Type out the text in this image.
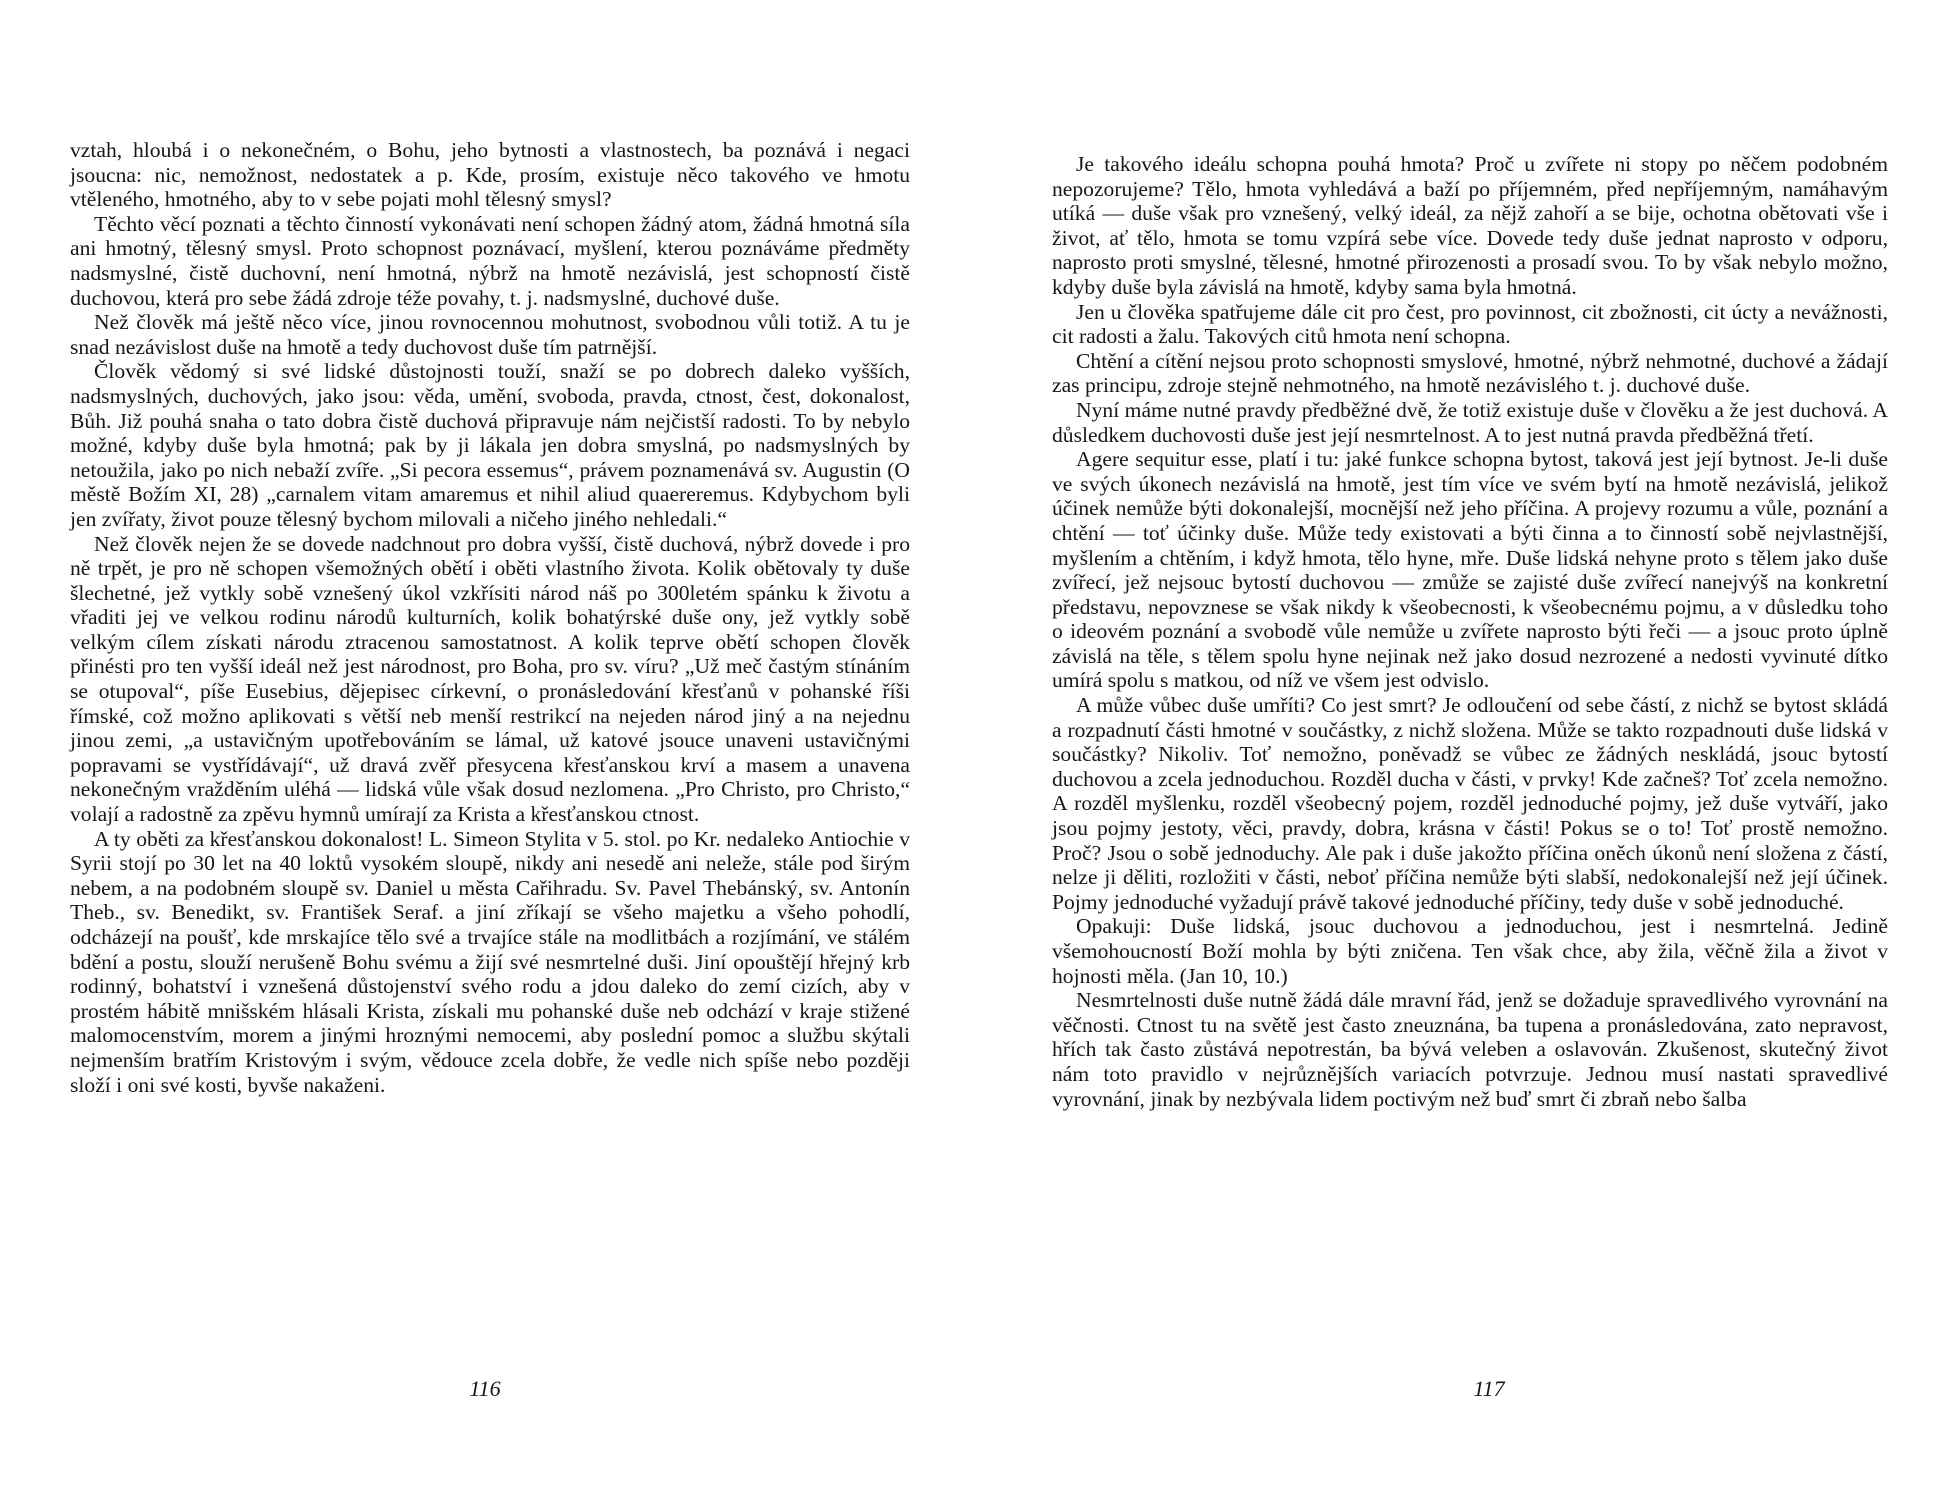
vztah, hloubá i o nekonečném, o Bohu, jeho bytnosti a vlastnostech, ba poznává i negaci jsoucna: nic, nemožnost, nedostatek a p. Kde, prosím, existuje něco takového ve hmotu vtěleného, hmotného, aby to v sebe pojati mohl tělesný smysl?

Těchto věcí poznati a těchto činností vykonávati není schopen žádný atom, žádná hmotná síla ani hmotný, tělesný smysl. Proto schopnost poznávací, myšlení, kterou poznáváme předměty nadsmyslné, čistě duchovní, není hmotná, nýbrž na hmotě nezávislá, jest schopností čistě duchovou, která pro sebe žádá zdroje téže povahy, t. j. nadsmyslné, duchové duše.

Než člověk má ještě něco více, jinou rovnocennou mohutnost, svobodnou vůli totiž. A tu je snad nezávislost duše na hmotě a tedy duchovost duše tím patrnější.

Člověk vědomý si své lidské důstojnosti touží, snaží se po dobrech daleko vyšších, nadsmyslných, duchových, jako jsou: věda, umění, svoboda, pravda, ctnost, čest, dokonalost, Bůh. Již pouhá snaha o tato dobra čistě duchová připravuje nám nejčistší radosti. To by nebylo možné, kdyby duše byla hmotná; pak by ji lákala jen dobra smyslná, po nadsmyslných by netoužila, jako po nich nebaží zvíře. „Si pecora essemus“, právem poznamenává sv. Augustin (O městě Božím XI, 28) „carnalem vitam amaremus et nihil aliud quaereremus. Kdybychom byli jen zvířaty, život pouze tělesný bychom milovali a ničeho jiného nehledali.“

Než člověk nejen že se dovede nadchnout pro dobra vyšší, čistě duchová, nýbrž dovede i pro ně trpět, je pro ně schopen všemožných obětí i oběti vlastního života. Kolik obětovaly ty duše šlechetné, jež vytkly sobě vznešený úkol vzkřísiti národ náš po 300letém spánku k životu a vřaditi jej ve velkou rodinu národů kulturních, kolik bohatýrské duše ony, jež vytkly sobě velkým cílem získati národu ztracenou samostatnost. A kolik teprve obětí schopen člověk přinésti pro ten vyšší ideál než jest národnost, pro Boha, pro sv. víru? „Už meč častým stínáním se otupoval“, píše Eusebius, dějepisec církevní, o pronásledování křesťanů v pohanské říši římské, což možno aplikovati s větší neb menší restrikcí na nejeden národ jiný a na nejednu jinou zemi, „a ustavičným upotřebováním se lámal, už katové jsouce unaveni ustavičnými popravami se vystřídávají“, už dravá zvěř přesycena křesťanskou krví a masem a unavena nekonečným vražděním uléhá — lidská vůle však dosud nezlomena. „Pro Christo, pro Christo,“ volají a radostně za zpěvu hymnů umírají za Krista a křesťanskou ctnost.

A ty oběti za křesťanskou dokonalost! L. Simeon Stylita v 5. stol. po Kr. nedaleko Antiochie v Syrii stojí po 30 let na 40 loktů vysokém sloupě, nikdy ani nesedě ani neleže, stále pod širým nebem, a na podobném sloupě sv. Daniel u města Cařihradu. Sv. Pavel Thebánský, sv. Antonín Theb., sv. Benedikt, sv. František Seraf. a jiní zříkají se všeho majetku a všeho pohodlí, odcházejí na poušť, kde mrskajíce tělo své a trvajíce stále na modlitbách a rozjímání, ve stálém bdění a postu, slouží nerušeně Bohu svému a žijí své nesmrtelné duši. Jiní opouštějí hřejný krb rodinný, bohatství i vznešená důstojenství svého rodu a jdou daleko do zemí cizích, aby v prostém hábitě mnišském hlásali Krista, získali mu pohanské duše neb odchází v kraje stižené malomocenstvím, morem a jinými hroznými nemocemi, aby poslední pomoc a službu skýtali nejmenším bratřím Kristovým i svým, vědouce zcela dobře, že vedle nich spíše nebo později složí i oni své kosti, byvše nakaženi.

116

Je takového ideálu schopna pouhá hmota? Proč u zvířete ni stopy po něčem podobném nepozorujeme? Tělo, hmota vyhledává a baží po příjemném, před nepříjemným, namáhavým utíká — duše však pro vznešený, velký ideál, za nějž zahoří a se bije, ochotna obětovati vše i život, ať tělo, hmota se tomu vzpírá sebe více. Dovede tedy duše jednat naprosto v odporu, naprosto proti smyslné, tělesné, hmotné přirozenosti a prosadí svou. To by však nebylo možno, kdyby duše byla závislá na hmotě, kdyby sama byla hmotná.

Jen u člověka spatřujeme dále cit pro čest, pro povinnost, cit zbožnosti, cit úcty a nevážnosti, cit radosti a žalu. Takových citů hmota není schopna.

Chtění a cítění nejsou proto schopnosti smyslové, hmotné, nýbrž nehmotné, duchové a žádají zas principu, zdroje stejně nehmotného, na hmotě nezávislého t. j. duchové duše.

Nyní máme nutné pravdy předběžné dvě, že totiž existuje duše v člověku a že jest duchová. A důsledkem duchovosti duše jest její nesmrtelnost. A to jest nutná pravda předběžná třetí.

Agere sequitur esse, platí i tu: jaké funkce schopna bytost, taková jest její bytnost. Je-li duše ve svých úkonech nezávislá na hmotě, jest tím více ve svém bytí na hmotě nezávislá, jelikož účinek nemůže býti dokonalejší, mocnější než jeho příčina. A projevy rozumu a vůle, poznání a chtění — toť účinky duše. Může tedy existovati a býti činna a to činností sobě nejvlastnější, myšlením a chtěním, i když hmota, tělo hyne, mře. Duše lidská nehyne proto s tělem jako duše zvířecí, jež nejsouc bytostí duchovou — zmůže se zajisté duše zvířecí nanejvýš na konkretní představu, nepovznese se však nikdy k všeobecnosti, k všeobecnému pojmu, a v důsledku toho o ideovém poznání a svobodě vůle nemůže u zvířete naprosto býti řeči — a jsouc proto úplně závislá na těle, s tělem spolu hyne nejinak než jako dosud nezrozené a nedosti vyvinuté dítko umírá spolu s matkou, od níž ve všem jest odvislo.

A může vůbec duše umříti? Co jest smrt? Je odloučení od sebe částí, z nichž se bytost skládá a rozpadnutí části hmotné v součástky, z nichž složena. Může se takto rozpadnouti duše lidská v součástky? Nikoliv. Toť nemožno, poněvadž se vůbec ze žádných neskládá, jsouc bytostí duchovou a zcela jednoduchou. Rozděl ducha v části, v prvky! Kde začneš? Toť zcela nemožno. A rozděl myšlenku, rozděl všeobecný pojem, rozděl jednoduché pojmy, jež duše vytváří, jako jsou pojmy jestoty, věci, pravdy, dobra, krásna v části! Pokus se o to! Toť prostě nemožno. Proč? Jsou o sobě jednoduchy. Ale pak i duše jakožto příčina oněch úkonů není složena z částí, nelze ji děliti, rozložiti v části, neboť příčina nemůže býti slabší, nedokonalejší než její účinek. Pojmy jednoduché vyžadují právě takové jednoduché příčiny, tedy duše v sobě jednoduché.

Opakuji: Duše lidská, jsouc duchovou a jednoduchou, jest i nesmrtelná. Jedině všemohoucností Boží mohla by býti zničena. Ten však chce, aby žila, věčně žila a život v hojnosti měla. (Jan 10, 10.)

Nesmrtelnosti duše nutně žádá dále mravní řád, jenž se dožaduje spravedlivého vyrovnání na věčnosti. Ctnost tu na světě jest často zneuznána, ba tupena a pronásledována, zato nepravost, hřích tak často zůstává nepotrestán, ba bývá veleben a oslavován. Zkušenost, skutečný život nám toto pravidlo v nejrůznějších variacích potvrzuje. Jednou musí nastati spravedlivé vyrovnání, jinak by nezbývala lidem poctivým než buď smrt či zbraň nebo šalba

117
